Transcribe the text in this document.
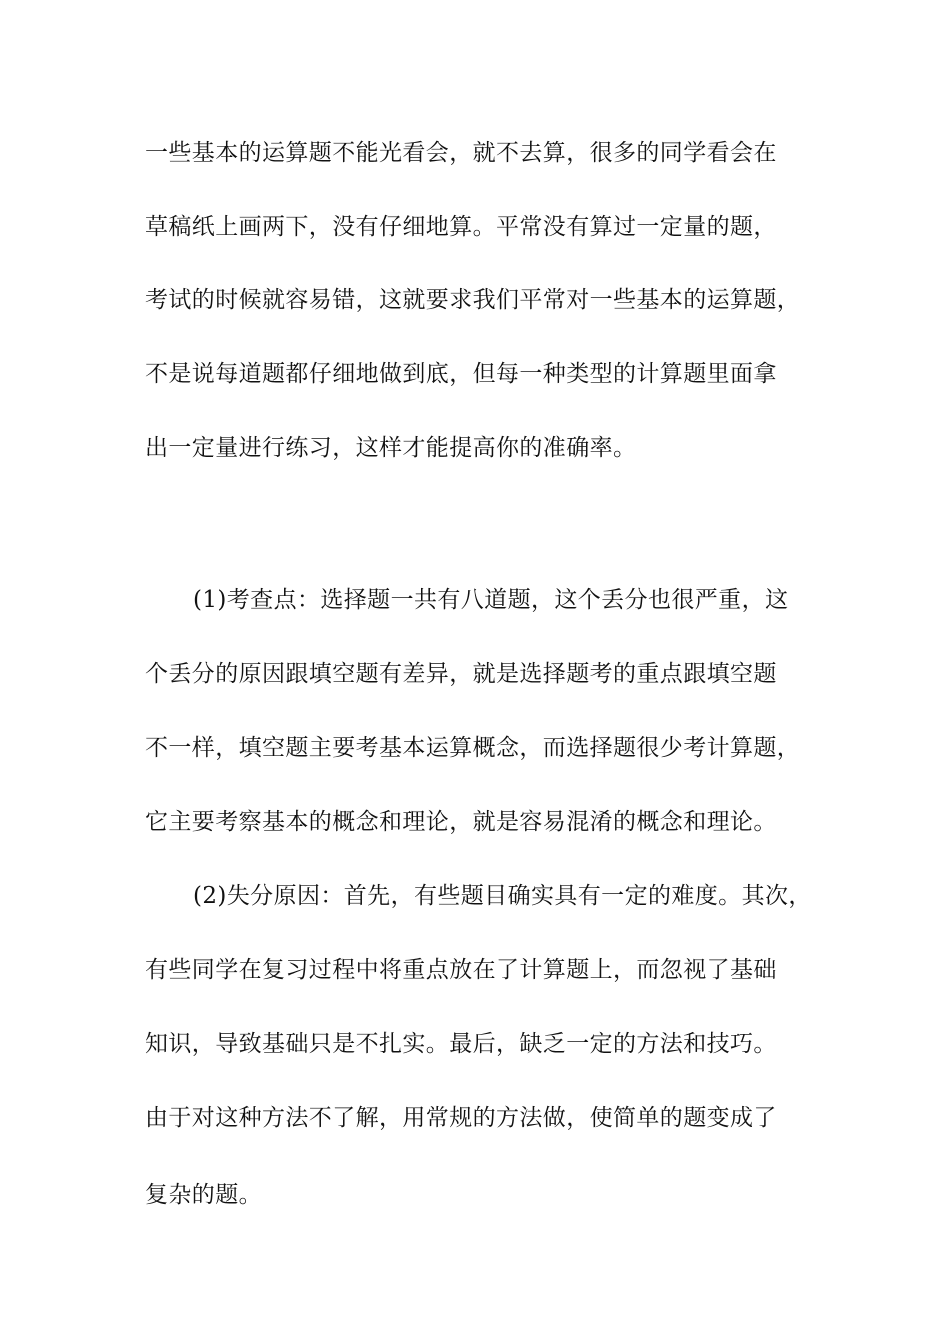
一些基本的运算题不能光看会，就不去算，很多的同学看会在
草稿纸上画两下，没有仔细地算。平常没有算过一定量的题，
考试的时候就容易错，这就要求我们平常对一些基本的运算题，
不是说每道题都仔细地做到底，但每一种类型的计算题里面拿
出一定量进行练习，这样才能提高你的准确率。
(1)考查点：选择题一共有八道题，这个丢分也很严重，这
个丢分的原因跟填空题有差异，就是选择题考的重点跟填空题
不一样，填空题主要考基本运算概念，而选择题很少考计算题，
它主要考察基本的概念和理论，就是容易混淆的概念和理论。
(2)失分原因：首先，有些题目确实具有一定的难度。其次，
有些同学在复习过程中将重点放在了计算题上，而忽视了基础
知识，导致基础只是不扎实。最后，缺乏一定的方法和技巧。
由于对这种方法不了解，用常规的方法做，使简单的题变成了
复杂的题。
